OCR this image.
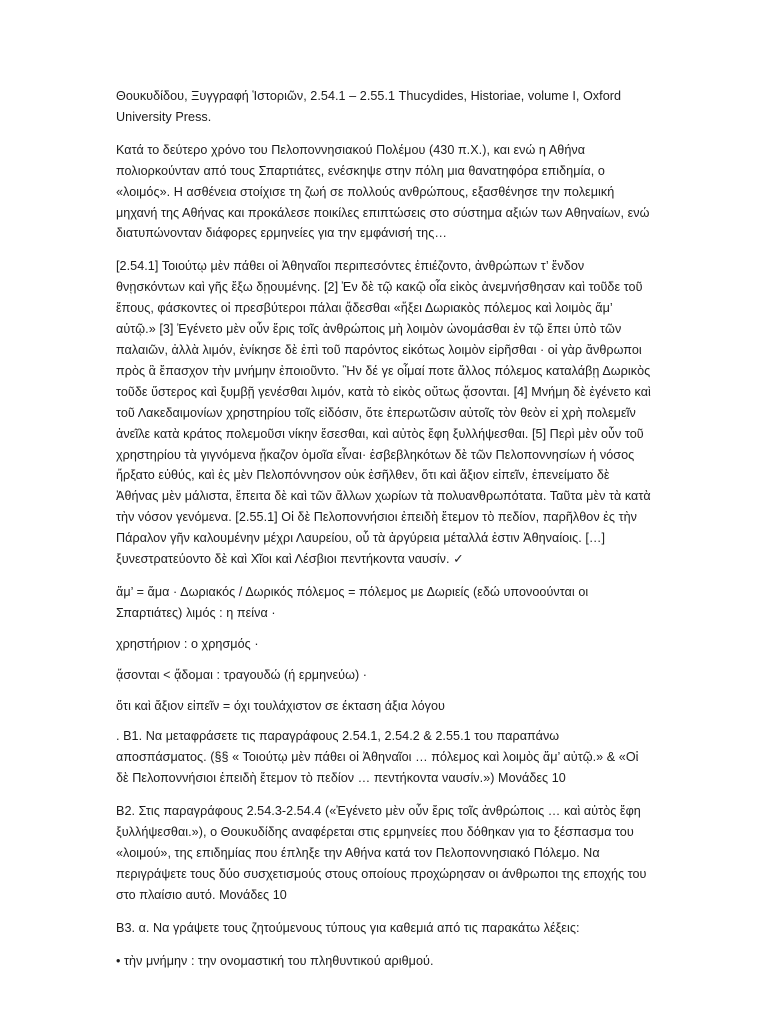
Θουκυδίδου, Ξυγγραφή Ἱστοριῶν, 2.54.1 – 2.55.1 Thucydides, Historiae, volume I, Oxford University Press.

Κατά το δεύτερο χρόνο του Πελοποννησιακού Πολέμου (430 π.Χ.), και ενώ η Αθήνα πολιορκούνταν από τους Σπαρτιάτες, ενέσκηψε στην πόλη μια θανατηφόρα επιδημία, ο «λοιμός». Η ασθένεια στοίχισε τη ζωή σε πολλούς ανθρώπους, εξασθένησε την πολεμική μηχανή της Αθήνας και προκάλεσε ποικίλες επιπτώσεις στο σύστημα αξιών των Αθηναίων, ενώ διατυπώνονταν διάφορες ερμηνείες για την εμφάνισή της…

[2.54.1] Τοιούτῳ μὲν πάθει οἱ Ἀθηναῖοι περιπεσόντες ἐπιέζοντο, ἀνθρώπων τ’ ἔνδον θνῃσκόντων καὶ γῆς ἔξω δῃουμένης. [2] Ἐν δὲ τῷ κακῷ οἷα εἰκὸς ἀνεμνήσθησαν καὶ τοῦδε τοῦ ἔπους, φάσκοντες οἱ πρεσβύτεροι πάλαι ᾄδεσθαι «ἥξει Δωριακὸς πόλεμος καὶ λοιμὸς ἅμ’ αὐτῷ.» [3] Ἐγένετο μὲν οὖν ἔρις τοῖς ἀνθρώποις μὴ λοιμὸν ὠνομάσθαι ἐν τῷ ἔπει ὑπὸ τῶν παλαιῶν, ἀλλὰ λιμόν, ἐνίκησε δὲ ἐπὶ τοῦ παρόντος εἰκότως λοιμὸν εἰρῆσθαι · οἱ γὰρ ἄνθρωποι πρὸς ἃ ἔπασχον τὴν μνήμην ἐποιοῦντο. Ἢν δέ γε οἶμαί ποτε ἄλλος πόλεμος καταλάβῃ Δωρικὸς τοῦδε ὕστερος καὶ ξυμβῇ γενέσθαι λιμόν, κατὰ τὸ εἰκὸς οὕτως ᾄσονται. [4] Μνήμη δὲ ἐγένετο καὶ τοῦ Λακεδαιμονίων χρηστηρίου τοῖς εἰδόσιν, ὅτε ἐπερωτῶσιν αὐτοῖς τὸν θεὸν εἰ χρὴ πολεμεῖν ἀνεῖλε κατὰ κράτος πολεμοῦσι νίκην ἔσεσθαι, καὶ αὐτὸς ἔφη ξυλλήψεσθαι. [5] Περὶ μὲν οὖν τοῦ χρηστηρίου τὰ γιγνόμενα ᾔκαζον ὁμοῖα εἶναι· ἐσβεβληκότων δὲ τῶν Πελοποννησίων ἡ νόσος ἤρξατο εὐθύς, καὶ ἐς μὲν Πελοπόννησον οὐκ ἐσῆλθεν, ὅτι καὶ ἄξιον εἰπεῖν, ἐπενείματο δὲ Ἀθήνας μὲν μάλιστα, ἔπειτα δὲ καὶ τῶν ἄλλων χωρίων τὰ πολυανθρωπότατα. Ταῦτα μὲν τὰ κατὰ τὴν νόσον γενόμενα. [2.55.1] Οἱ δὲ Πελοποννήσιοι ἐπειδὴ ἔτεμον τὸ πεδίον, παρῆλθον ἐς τὴν Πάραλον γῆν καλουμένην μέχρι Λαυρείου, οὗ τὰ ἀργύρεια μέταλλά ἐστιν Ἀθηναίοις. […] ξυνεστρατεύοντο δὲ καὶ Χῖοι καὶ Λέσβιοι πεντήκοντα ναυσίν. ✓

ἅμ’ = ἅμα · Δωριακός / Δωρικός πόλεμος = πόλεμος με Δωριείς (εδώ υπονοούνται οι Σπαρτιάτες) λιμός : η πείνα ·

χρηστήριον : ο χρησμός ·

ᾄσονται < ᾄδομαι : τραγουδώ (ή ερμηνεύω) ·

ὅτι καὶ ἄξιον εἰπεῖν = όχι τουλάχιστον σε έκταση άξια λόγου

. Β1. Να μεταφράσετε τις παραγράφους 2.54.1, 2.54.2 & 2.55.1 του παραπάνω αποσπάσματος. (§§ « Τοιούτῳ μὲν πάθει οἱ Ἀθηναῖοι … πόλεμος καὶ λοιμὸς ἅμ’ αὐτῷ.» & «Οἱ δὲ Πελοποννήσιοι ἐπειδὴ ἔτεμον τὸ πεδίον … πεντήκοντα ναυσίν.») Μονάδες 10

Β2. Στις παραγράφους 2.54.3-2.54.4 («Ἐγένετο μὲν οὖν ἔρις τοῖς ἀνθρώποις … καὶ αὐτὸς ἔφη ξυλλήψεσθαι.»), ο Θουκυδίδης αναφέρεται στις ερμηνείες που δόθηκαν για το ξέσπασμα του «λοιμού», της επιδημίας που έπληξε την Αθήνα κατά τον Πελοποννησιακό Πόλεμο. Να περιγράψετε τους δύο συσχετισμούς στους οποίους προχώρησαν οι άνθρωποι της εποχής του στο πλαίσιο αυτό. Μονάδες 10

Β3. α. Να γράψετε τους ζητούμενους τύπους για καθεμιά από τις παρακάτω λέξεις:

• τὴν μνήμην : την ονομαστική του πληθυντικού αριθμού.
